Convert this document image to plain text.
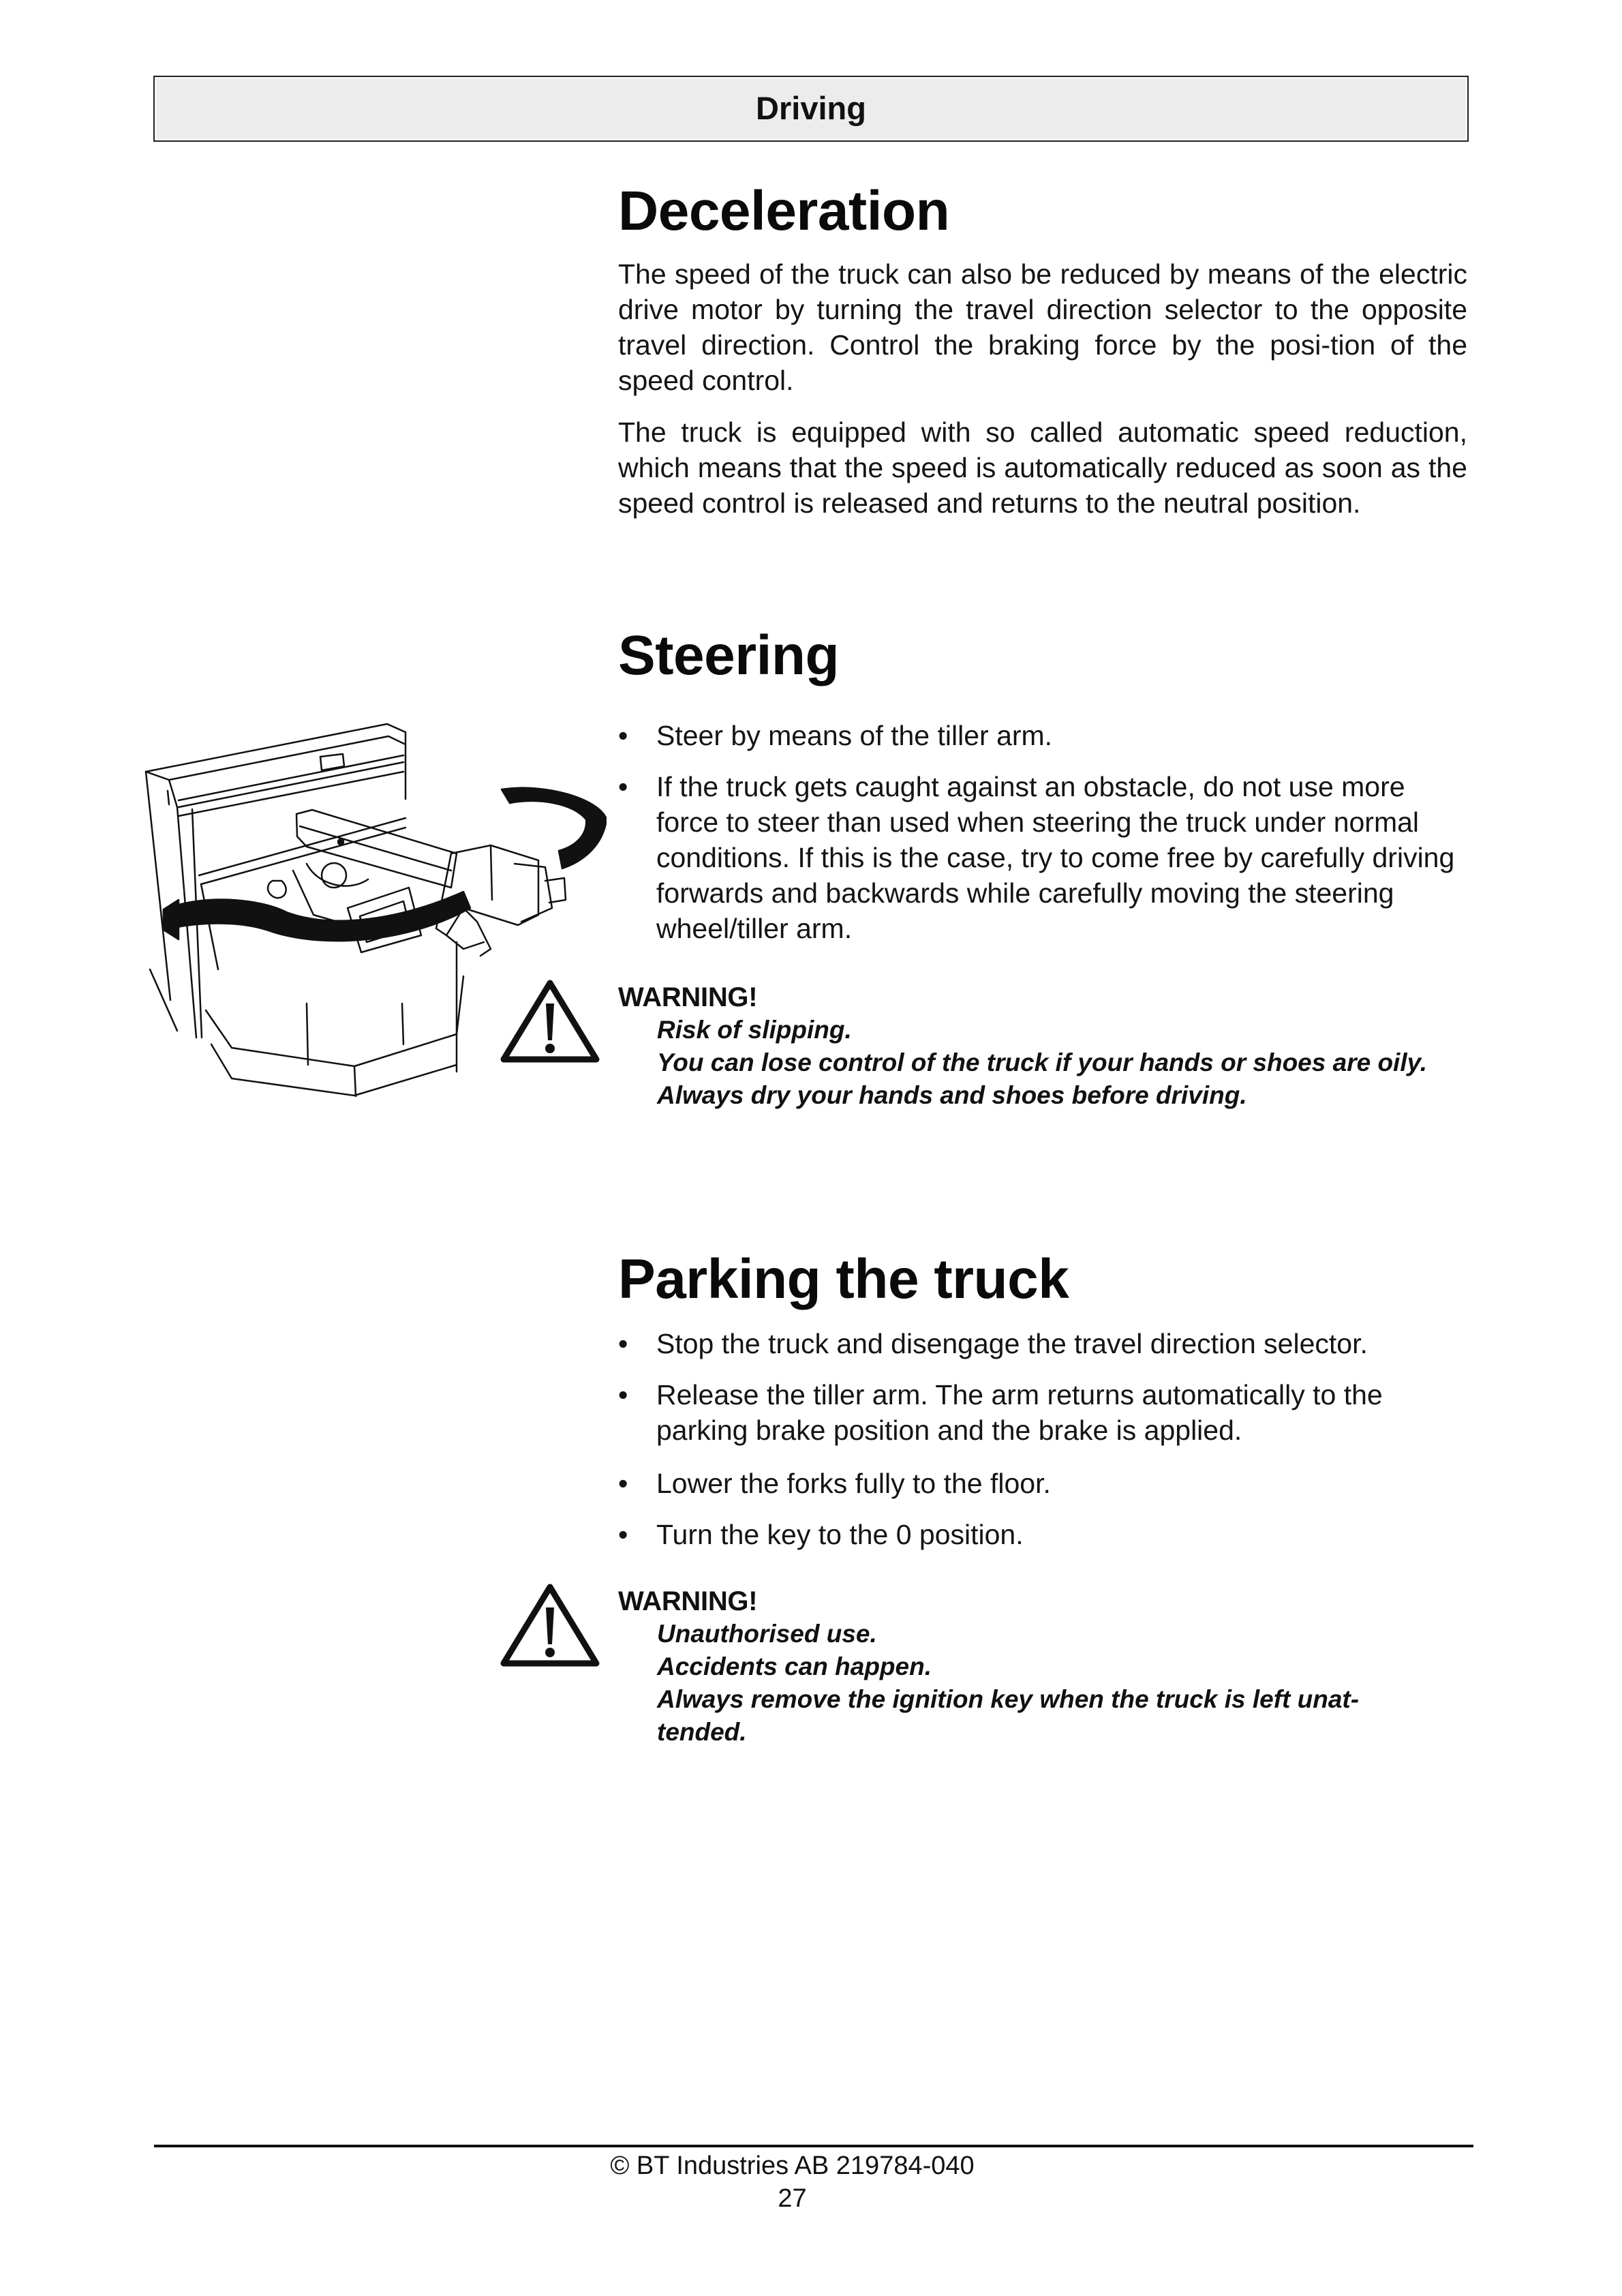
Driving
Deceleration

The speed of the truck can also be reduced by means of the electric drive motor by turning the travel direction selector to the opposite travel direction. Control the braking force by the posi-tion of the speed control.

The truck is equipped with so called automatic speed reduction, which means that the speed is automatically reduced as soon as the speed control is released and returns to the neutral position.

Steering
• Steer by means of the tiller arm.
• If the truck gets caught against an obstacle, do not use more force to steer than used when steering the truck under normal conditions. If this is the case, try to come free by carefully driving forwards and backwards while carefully moving the steering wheel/tiller arm.
WARNING!
Risk of slipping.
You can lose control of the truck if your hands or shoes are oily.
Always dry your hands and shoes before driving.
Parking the truck
• Stop the truck and disengage the travel direction selector.
• Release the tiller arm. The arm returns automatically to the parking brake position and the brake is applied.
• Lower the forks fully to the floor.
• Turn the key to the 0 position.
WARNING!
Unauthorised use.
Accidents can happen.
Always remove the ignition key when the truck is left unat-tended.
© BT Industries AB 219784-040
27
